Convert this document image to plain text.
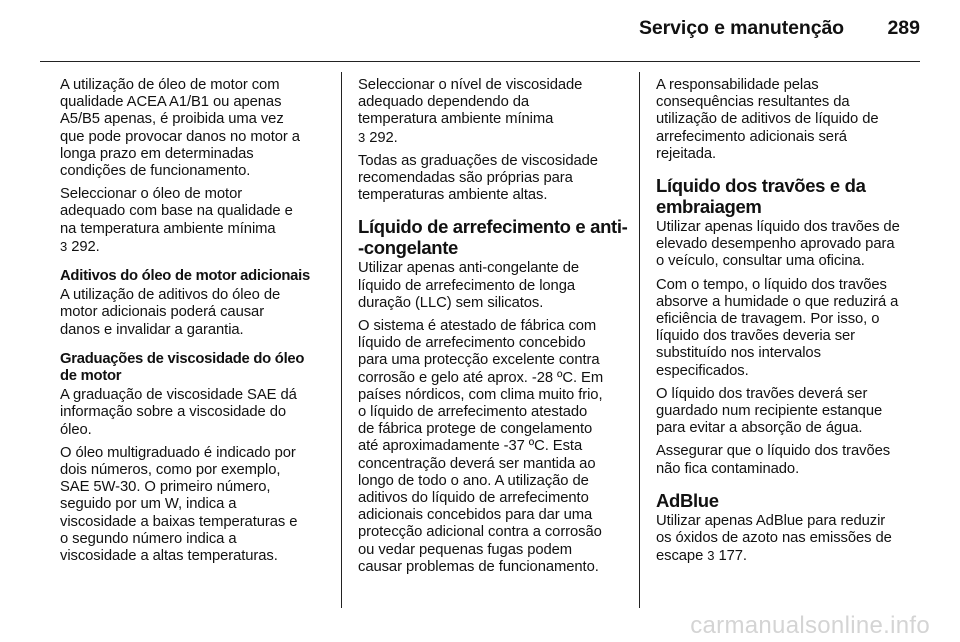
Serviço e manutenção 289

A utilização de óleo de motor com
qualidade ACEA A1/B1 ou apenas
A5/B5 apenas, é proibida uma vez
que pode provocar danos no motor a
longa prazo em determinadas
condições de funcionamento.

Seleccionar o óleo de motor
adequado com base na qualidade e
na temperatura ambiente mínima
3 292.

Aditivos do óleo de motor adicionais

A utilização de aditivos do óleo de
motor adicionais poderá causar
danos e invalidar a garantia.

Graduações de viscosidade do óleo
de motor

A graduação de viscosidade SAE dá
informação sobre a viscosidade do
óleo.

O óleo multigraduado é indicado por
dois números, como por exemplo,
SAE 5W-30. O primeiro número,
seguido por um W, indica a
viscosidade a baixas temperaturas e
o segundo número indica a
viscosidade a altas temperaturas.

Seleccionar o nível de viscosidade
adequado dependendo da
temperatura ambiente mínima
3 292.

Todas as graduações de viscosidade
recomendadas são próprias para
temperaturas ambiente altas.

Líquido de arrefecimento e anti-
-congelante

Utilizar apenas anti-congelante de
líquido de arrefecimento de longa
duração (LLC) sem silicatos.

O sistema é atestado de fábrica com
líquido de arrefecimento concebido
para uma protecção excelente contra
corrosão e gelo até aprox. -28 ºC. Em
países nórdicos, com clima muito frio,
o líquido de arrefecimento atestado
de fábrica protege de congelamento
até aproximadamente -37 ºC. Esta
concentração deverá ser mantida ao
longo de todo o ano. A utilização de
aditivos do líquido de arrefecimento
adicionais concebidos para dar uma
protecção adicional contra a corrosão
ou vedar pequenas fugas podem
causar problemas de funcionamento.

A responsabilidade pelas
consequências resultantes da
utilização de aditivos de líquido de
arrefecimento adicionais será
rejeitada.

Líquido dos travões e da
embraiagem

Utilizar apenas líquido dos travões de
elevado desempenho aprovado para
o veículo, consultar uma oficina.

Com o tempo, o líquido dos travões
absorve a humidade o que reduzirá a
eficiência de travagem. Por isso, o
líquido dos travões deveria ser
substituído nos intervalos
especificados.

O líquido dos travões deverá ser
guardado num recipiente estanque
para evitar a absorção de água.

Assegurar que o líquido dos travões
não fica contaminado.

AdBlue

Utilizar apenas AdBlue para reduzir
os óxidos de azoto nas emissões de
escape 3 177.

carmanualsonline.info
